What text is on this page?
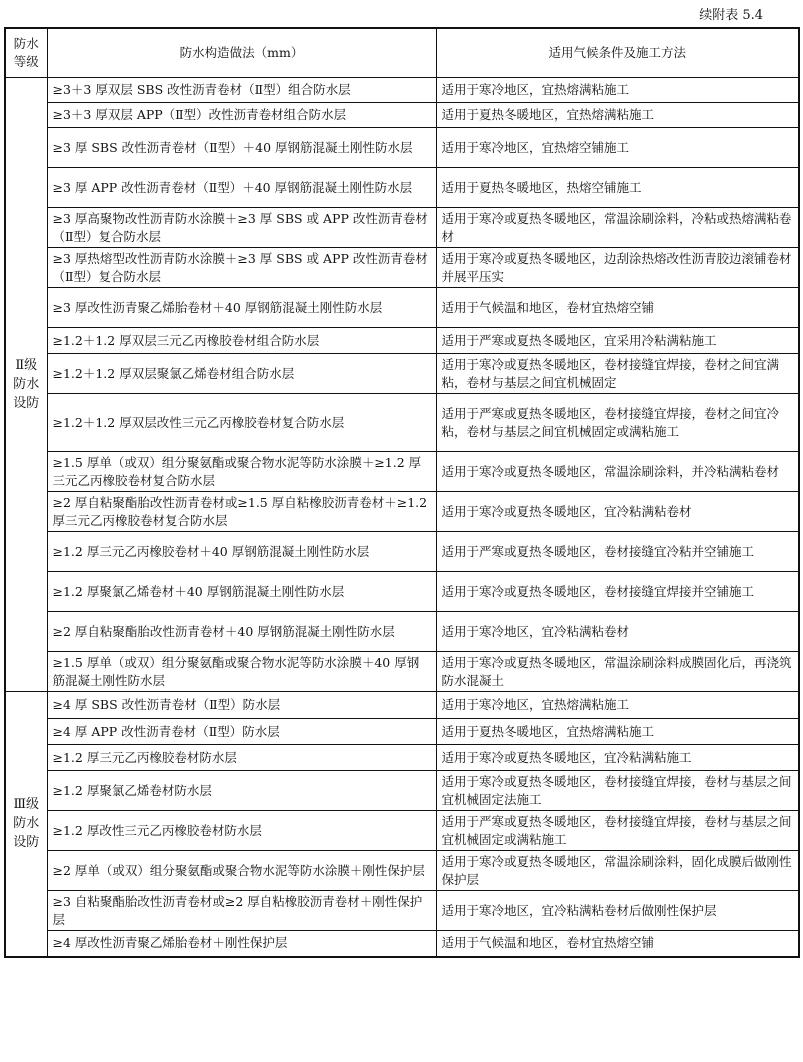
续附表 5.4
防水
等级	防水构造做法（mm）	适用气候条件及施工方法
Ⅱ级
防水
设防	≥3＋3 厚双层 SBS 改性沥青卷材（Ⅱ型）组合防水层	适用于寒冷地区，宜热熔满粘施工
	≥3＋3 厚双层 APP（Ⅱ型）改性沥青卷材组合防水层	适用于夏热冬暖地区，宜热熔满粘施工
	≥3 厚 SBS 改性沥青卷材（Ⅱ型）＋40 厚钢筋混凝土刚性防水层	适用于寒冷地区，宜热熔空铺施工
	≥3 厚 APP 改性沥青卷材（Ⅱ型）＋40 厚钢筋混凝土刚性防水层	适用于夏热冬暖地区，热熔空铺施工
	≥3 厚高聚物改性沥青防水涂膜＋≥3 厚 SBS 或 APP 改性沥青卷材（Ⅱ型）复合防水层	适用于寒冷或夏热冬暖地区，常温涂刷涂料，冷粘或热熔满粘卷材
	≥3 厚热熔型改性沥青防水涂膜＋≥3 厚 SBS 或 APP 改性沥青卷材（Ⅱ型）复合防水层	适用于寒冷或夏热冬暖地区，边刮涂热熔改性沥青胶边滚铺卷材并展平压实
	≥3 厚改性沥青聚乙烯胎卷材＋40 厚钢筋混凝土刚性防水层	适用于气候温和地区，卷材宜热熔空铺
	≥1.2＋1.2 厚双层三元乙丙橡胶卷材组合防水层	适用于严寒或夏热冬暖地区，宜采用冷粘满粘施工
	≥1.2＋1.2 厚双层聚氯乙烯卷材组合防水层	适用于寒冷或夏热冬暖地区，卷材接缝宜焊接，卷材之间宜满粘，卷材与基层之间宜机械固定
	≥1.2＋1.2 厚双层改性三元乙丙橡胶卷材复合防水层	适用于严寒或夏热冬暖地区，卷材接缝宜焊接，卷材之间宜冷粘，卷材与基层之间宜机械固定或满粘施工
	≥1.5 厚单（或双）组分聚氨酯或聚合物水泥等防水涂膜＋≥1.2 厚三元乙丙橡胶卷材复合防水层	适用于寒冷或夏热冬暖地区，常温涂刷涂料，并冷粘满粘卷材
	≥2 厚自粘聚酯胎改性沥青卷材或≥1.5 厚自粘橡胶沥青卷材＋≥1.2 厚三元乙丙橡胶卷材复合防水层	适用于寒冷或夏热冬暖地区，宜冷粘满粘卷材
	≥1.2 厚三元乙丙橡胶卷材＋40 厚钢筋混凝土刚性防水层	适用于严寒或夏热冬暖地区，卷材接缝宜冷粘并空铺施工
	≥1.2 厚聚氯乙烯卷材＋40 厚钢筋混凝土刚性防水层	适用于寒冷或夏热冬暖地区，卷材接缝宜焊接并空铺施工
	≥2 厚自粘聚酯胎改性沥青卷材＋40 厚钢筋混凝土刚性防水层	适用于寒冷地区，宜冷粘满粘卷材
	≥1.5 厚单（或双）组分聚氨酯或聚合物水泥等防水涂膜＋40 厚钢筋混凝土刚性防水层	适用于寒冷或夏热冬暖地区，常温涂刷涂料成膜固化后，再浇筑防水混凝土
Ⅲ级
防水
设防	≥4 厚 SBS 改性沥青卷材（Ⅱ型）防水层	适用于寒冷地区，宜热熔满粘施工
	≥4 厚 APP 改性沥青卷材（Ⅱ型）防水层	适用于夏热冬暖地区，宜热熔满粘施工
	≥1.2 厚三元乙丙橡胶卷材防水层	适用于寒冷或夏热冬暖地区，宜冷粘满粘施工
	≥1.2 厚聚氯乙烯卷材防水层	适用于寒冷或夏热冬暖地区，卷材接缝宜焊接，卷材与基层之间宜机械固定法施工
	≥1.2 厚改性三元乙丙橡胶卷材防水层	适用于严寒或夏热冬暖地区，卷材接缝宜焊接，卷材与基层之间宜机械固定或满粘施工
	≥2 厚单（或双）组分聚氨酯或聚合物水泥等防水涂膜＋刚性保护层	适用于寒冷或夏热冬暖地区，常温涂刷涂料，固化成膜后做刚性保护层
	≥3 自粘聚酯胎改性沥青卷材或≥2 厚自粘橡胶沥青卷材＋刚性保护层	适用于寒冷地区，宜冷粘满粘卷材后做刚性保护层
	≥4 厚改性沥青聚乙烯胎卷材＋刚性保护层	适用于气候温和地区，卷材宜热熔空铺
